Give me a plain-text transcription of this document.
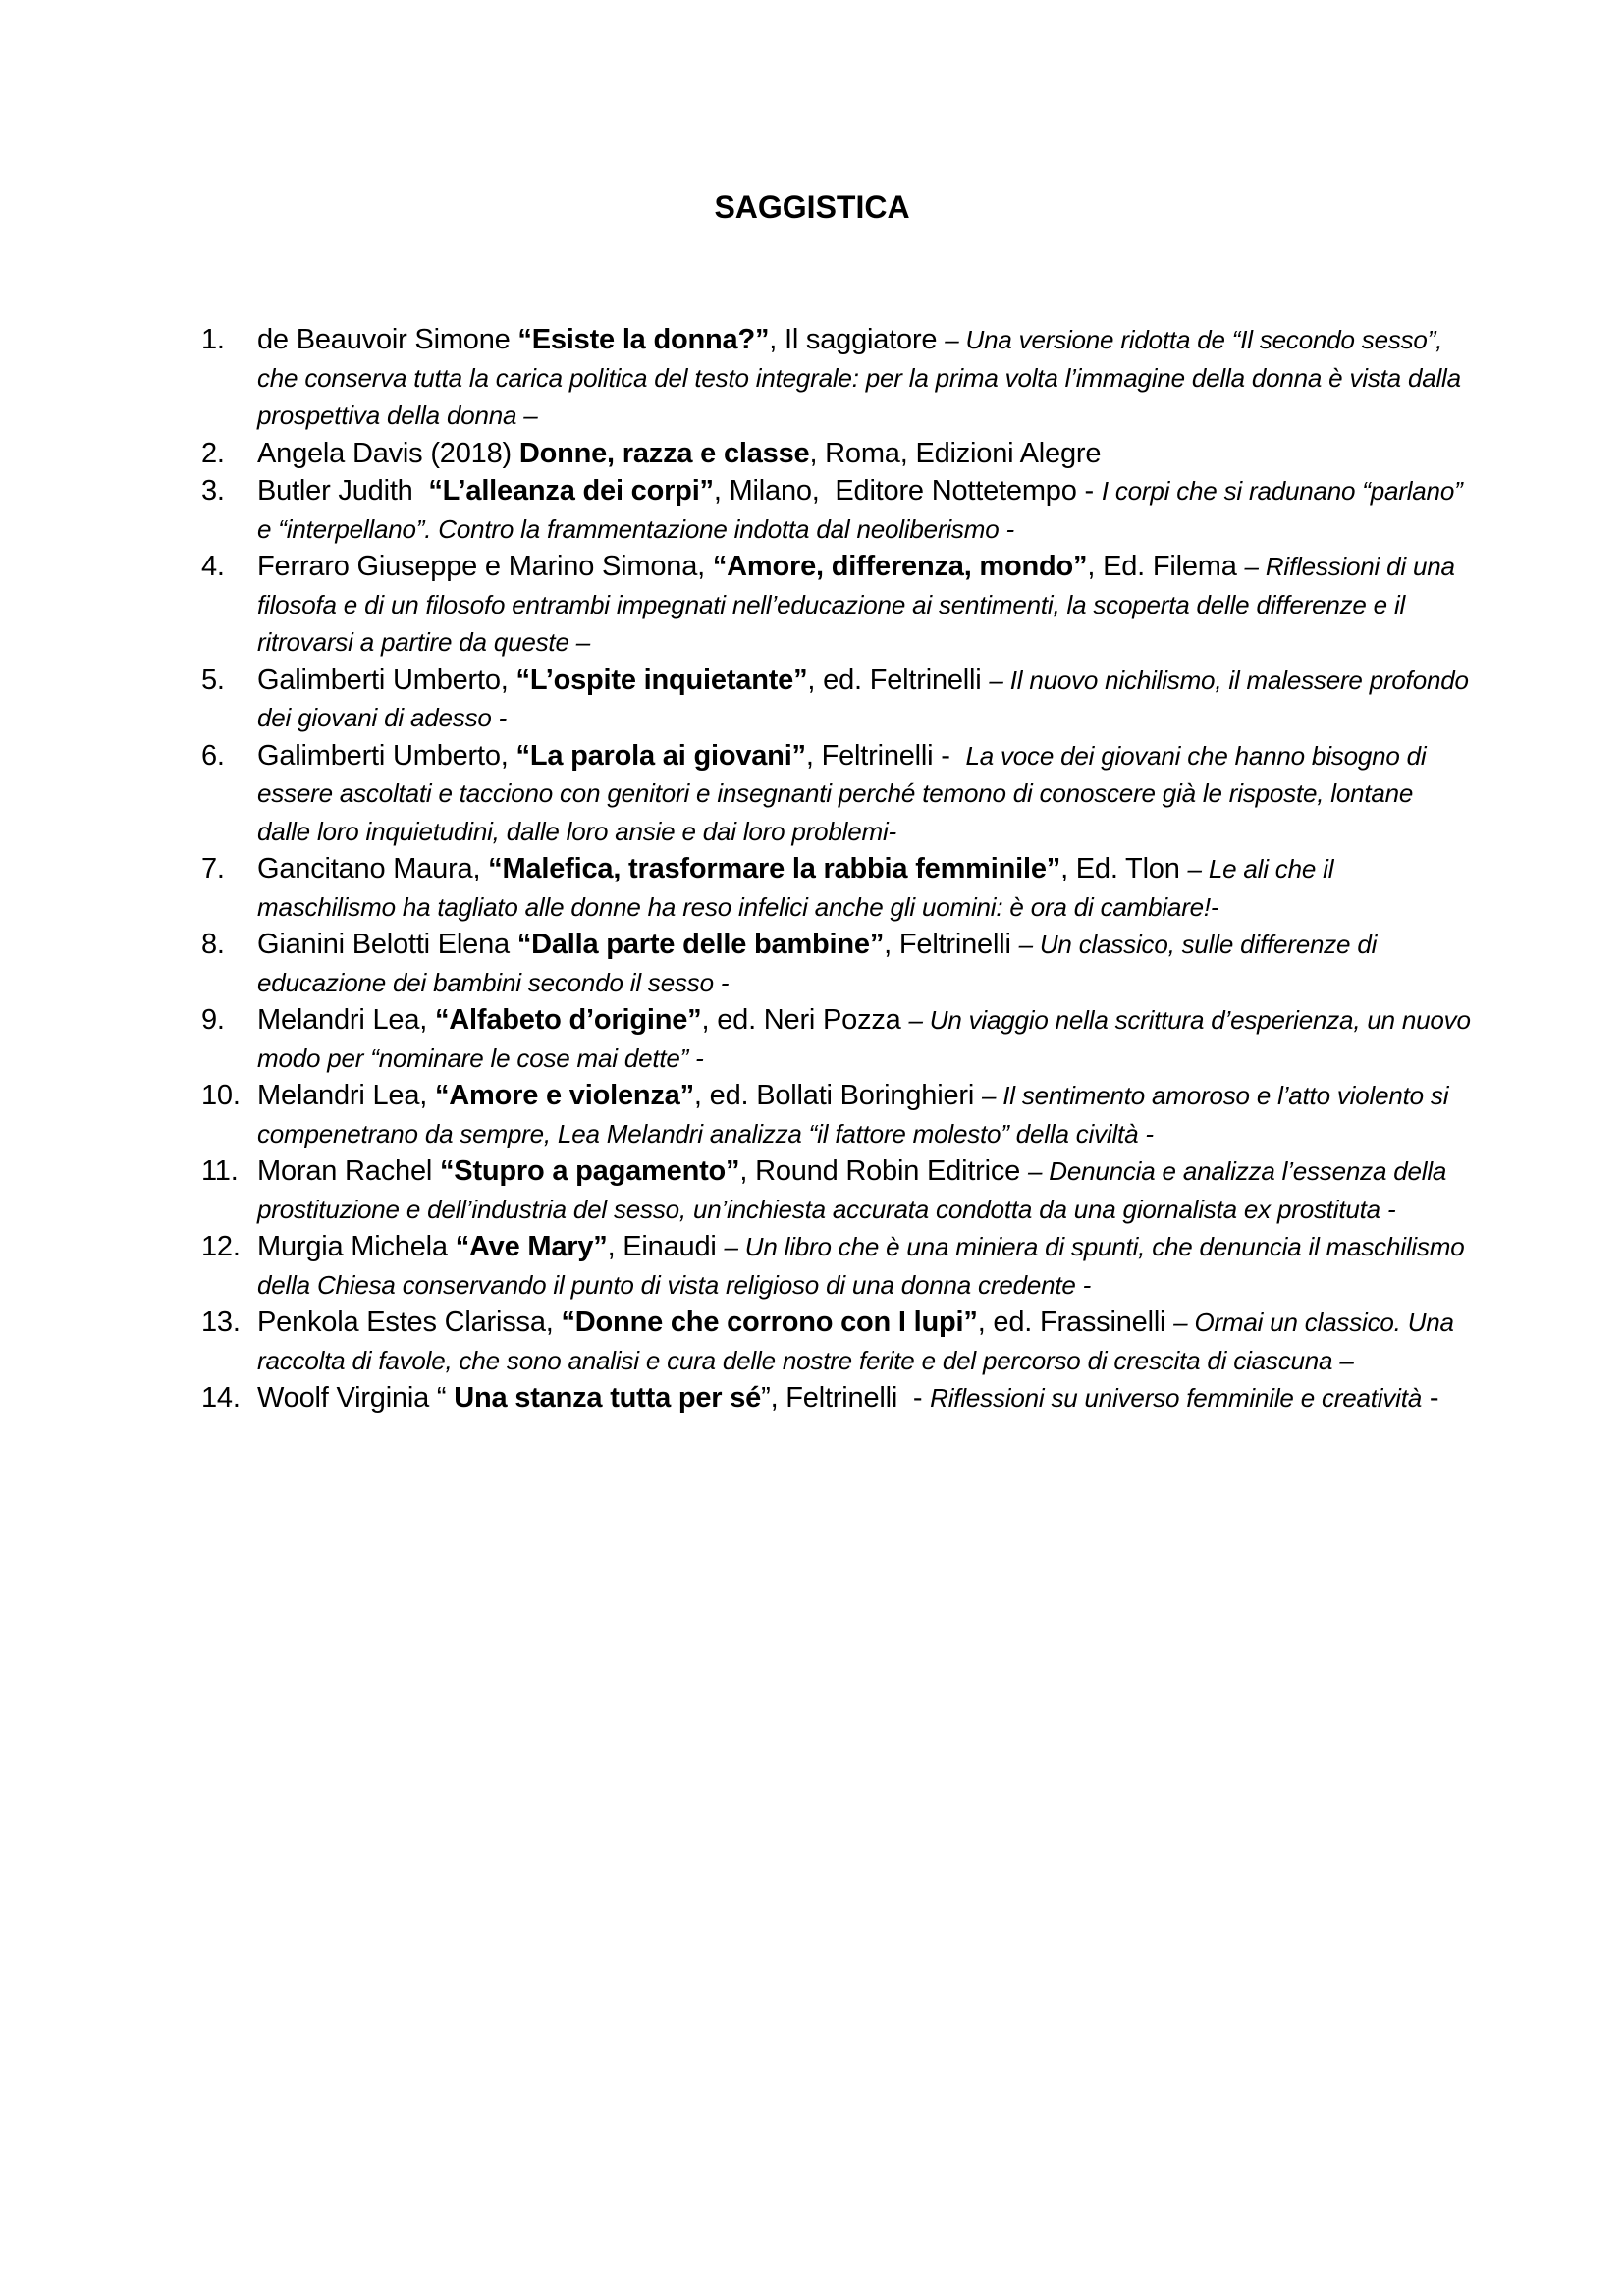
SAGGISTICA
1.	de Beauvoir Simone “Esiste la donna?”, Il saggiatore – Una versione ridotta de “Il secondo sesso”, che conserva tutta la carica politica del testo integrale: per la prima volta l’immagine della donna è vista dalla prospettiva della donna –
2.	Angela Davis (2018) Donne, razza e classe, Roma, Edizioni Alegre
3.	Butler Judith  “L’alleanza dei corpi”, Milano,  Editore Nottetempo - I corpi che si radunano “parlano” e “interpellano”. Contro la frammentazione indotta dal neoliberismo -
4.	Ferraro Giuseppe e Marino Simona, “Amore, differenza, mondo”, Ed. Filema – Riflessioni di una filosofa e di un filosofo entrambi impegnati nell’educazione ai sentimenti, la scoperta delle differenze e il ritrovarsi a partire da queste –
5.	Galimberti Umberto, “L’ospite inquietante”, ed. Feltrinelli – Il nuovo nichilismo, il malessere profondo dei giovani di adesso -
6.	Galimberti Umberto, “La parola ai giovani”, Feltrinelli -  La voce dei giovani che hanno bisogno di essere ascoltati e tacciono con genitori e insegnanti perché temono di conoscere già le risposte, lontane dalle loro inquietudini, dalle loro ansie e dai loro problemi-
7.	Gancitano Maura, “Malefica, trasformare la rabbia femminile”, Ed. Tlon – Le ali che il maschilismo ha tagliato alle donne ha reso infelici anche gli uomini: è ora di cambiare!-
8.	Gianini Belotti Elena “Dalla parte delle bambine”, Feltrinelli – Un classico, sulle differenze di educazione dei bambini secondo il sesso -
9.	Melandri Lea, “Alfabeto d’origine”, ed. Neri Pozza – Un viaggio nella scrittura d’esperienza, un nuovo modo per “nominare le cose mai dette” -
10. Melandri Lea, “Amore e violenza”, ed. Bollati Boringhieri – Il sentimento amoroso e l’atto violento si compenetrano da sempre, Lea Melandri analizza “il fattore molesto” della civiltà -
11. Moran Rachel “Stupro a pagamento”, Round Robin Editrice – Denuncia e analizza l’essenza della prostituzione e dell’industria del sesso, un’inchiesta accurata condotta da una giornalista ex prostituta -
12. Murgia Michela “Ave Mary”, Einaudi – Un libro che è una miniera di spunti, che denuncia il maschilismo della Chiesa conservando il punto di vista religioso di una donna credente -
13. Penkola Estes Clarissa, “Donne che corrono con I lupi”, ed. Frassinelli – Ormai un classico. Una raccolta di favole, che sono analisi e cura delle nostre ferite e del percorso di crescita di ciascuna –
14. Woolf Virginia “ Una stanza tutta per sé”, Feltrinelli  - Riflessioni su universo femminile e creatività -
